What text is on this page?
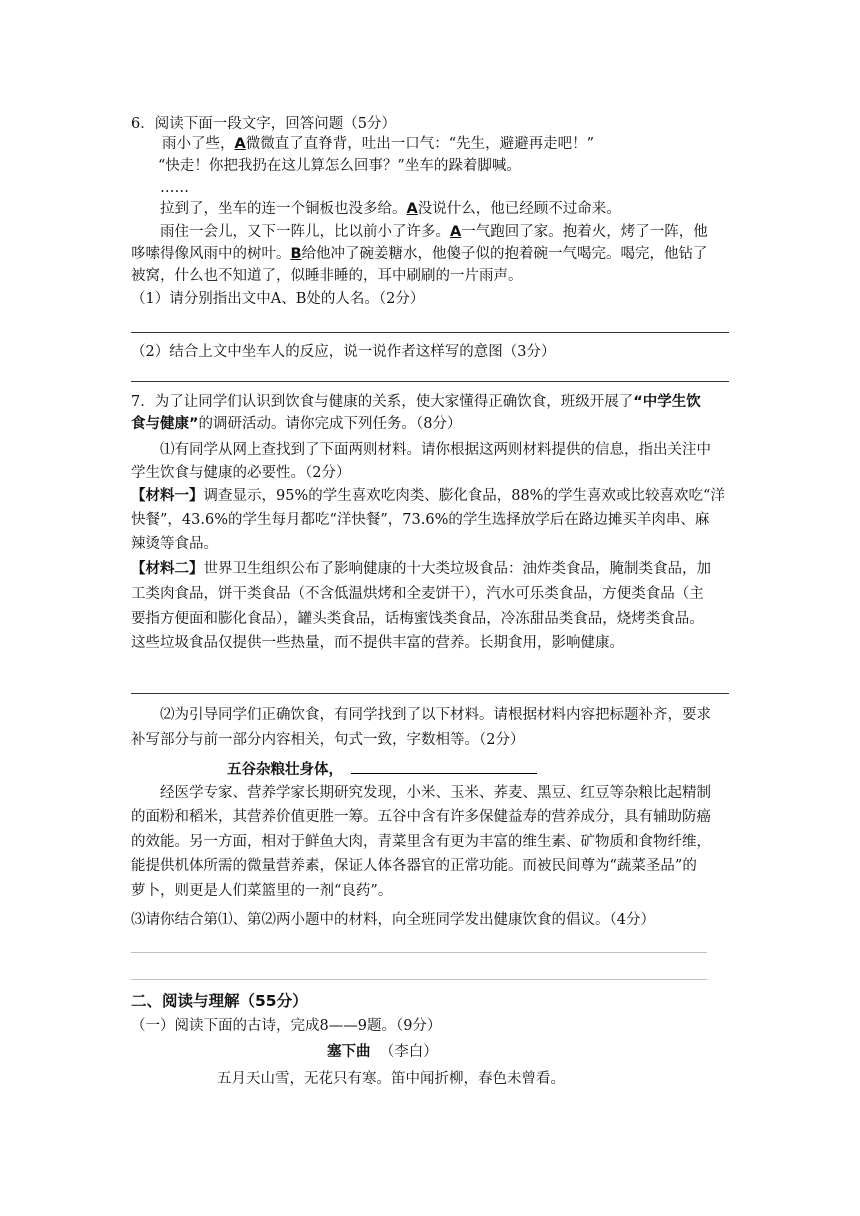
6．阅读下面一段文字，回答问题（5分）
雨小了些，A微微直了直脊背，吐出一口气：“先生，避避再走吧！”
“快走！你把我扔在这儿算怎么回事？”坐车的跺着脚喊。
……
拉到了，坐车的连一个铜板也没多给。A没说什么，他已经顾不过命来。
雨住一会儿，又下一阵儿，比以前小了许多。A一气跑回了家。抱着火，烤了一阵，他
哆嗦得像风雨中的树叶。B给他冲了碗姜糖水，他傻子似的抱着碗一气喝完。喝完，他钻了
被窝，什么也不知道了，似睡非睡的，耳中刷刷的一片雨声。
（1）请分别指出文中A、B处的人名。（2分）
（2）结合上文中坐车人的反应，说一说作者这样写的意图（3分）
7．为了让同学们认识到饮食与健康的关系，使大家懂得正确饮食，班级开展了“中学生饮
食与健康”的调研活动。请你完成下列任务。（8分）
⑴有同学从网上查找到了下面两则材料。请你根据这两则材料提供的信息，指出关注中
学生饮食与健康的必要性。（2分）
【材料一】调查显示，95%的学生喜欢吃肉类、膨化食品，88%的学生喜欢或比较喜欢吃“洋
快餐”，43.6%的学生每月都吃“洋快餐”，73.6%的学生选择放学后在路边摊买羊肉串、麻
辣烫等食品。
【材料二】世界卫生组织公布了影响健康的十大类垃圾食品：油炸类食品，腌制类食品，加
工类肉食品，饼干类食品（不含低温烘烤和全麦饼干），汽水可乐类食品，方便类食品（主
要指方便面和膨化食品），罐头类食品，话梅蜜饯类食品，冷冻甜品类食品，烧烤类食品。
这些垃圾食品仅提供一些热量，而不提供丰富的营养。长期食用，影响健康。
⑵为引导同学们正确饮食，有同学找到了以下材料。请根据材料内容把标题补齐，要求
补写部分与前一部分内容相关，句式一致，字数相等。（2分）
五谷杂粮壮身体，
经医学专家、营养学家长期研究发现，小米、玉米、荞麦、黑豆、红豆等杂粮比起精制
的面粉和稻米，其营养价值更胜一筹。五谷中含有许多保健益寿的营养成分，具有辅助防癌
的效能。另一方面，相对于鲜鱼大肉，青菜里含有更为丰富的维生素、矿物质和食物纤维，
能提供机体所需的微量营养素，保证人体各器官的正常功能。而被民间尊为“蔬菜圣品”的
萝卜，则更是人们菜篮里的一剂“良药”。
⑶请你结合第⑴、第⑵两小题中的材料，向全班同学发出健康饮食的倡议。（4分）
二、阅读与理解（55分）
（一）阅读下面的古诗，完成8——9题。（9分）
塞下曲 （李白）
五月天山雪，无花只有寒。笛中闻折柳，春色未曾看。
